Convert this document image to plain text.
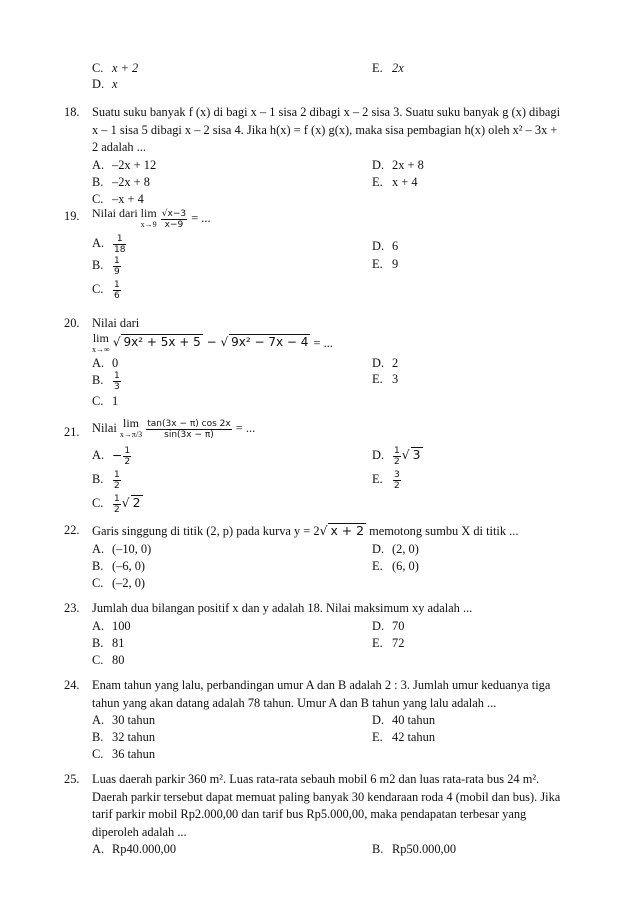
C. x + 2	E. 2x
D. x
18.	Suatu suku banyak f (x) di bagi x – 1 sisa 2 dibagi x – 2 sisa 3. Suatu suku banyak g (x) dibagi
x – 1 sisa 5 dibagi x – 2 sisa 4. Jika h(x) = f (x) g(x), maka sisa pembagian h(x) oleh x² – 3x +
2 adalah ...
A. –2x + 12
B. –2x + 8
C. –x + 4
D. 2x + 8
E. x + 4
19.	Nilai dari lim
x→9
$\frac{√x-3}{x-9}$ = ...
A. $\frac{1}{18}$
B. $\frac{1}{9}$
C. $\frac{1}{6}$
D. 6
E. 9
20.	Nilai dari
lim
x→∞ √ 9x² + 5x + 5 − √ 9x² − 7x − 4 = ...
A. 0
B. $\frac{1}{3}$
C. 1
D. 2
E. 3
21.	Nilai lim
x→π/3
$\frac{\tan(3x - \pi) \cos 2x}{\sin(3x - \pi)}$ = ...
A. − $\frac{1}{2}$
B. $\frac{1}{2}$
C. $\frac{1}{2}$ √ 2
D. $\frac{1}{2}$ √ 3
E. $\frac{3}{2}$
22.	Garis singgung di titik (2, p) pada kurva y = 2√ x + 2 memotong sumbu X di titik ...
A. (–10, 0)
B. (–6, 0)
C. (–2, 0)
D. (2, 0)
E. (6, 0)
23.	Jumlah dua bilangan positif x dan y adalah 18. Nilai maksimum xy adalah ...
A. 100
B. 81
C. 80
D. 70
E. 72
24.	Enam tahun yang lalu, perbandingan umur A dan B adalah 2 : 3. Jumlah umur keduanya tiga
tahun yang akan datang adalah 78 tahun. Umur A dan B tahun yang lalu adalah ...
A. 30 tahun
B. 32 tahun
C. 36 tahun
D. 40 tahun
E. 42 tahun
25.	Luas daerah parkir 360 m². Luas rata-rata sebauh mobil 6 m2 dan luas rata-rata bus 24 m².
Daerah parkir tersebut dapat memuat paling banyak 30 kendaraan roda 4 (mobil dan bus). Jika
tarif parkir mobil Rp2.000,00 dan tarif bus Rp5.000,00, maka pendapatan terbesar yang
diperoleh adalah ...
A. Rp40.000,00	B. Rp50.000,00
